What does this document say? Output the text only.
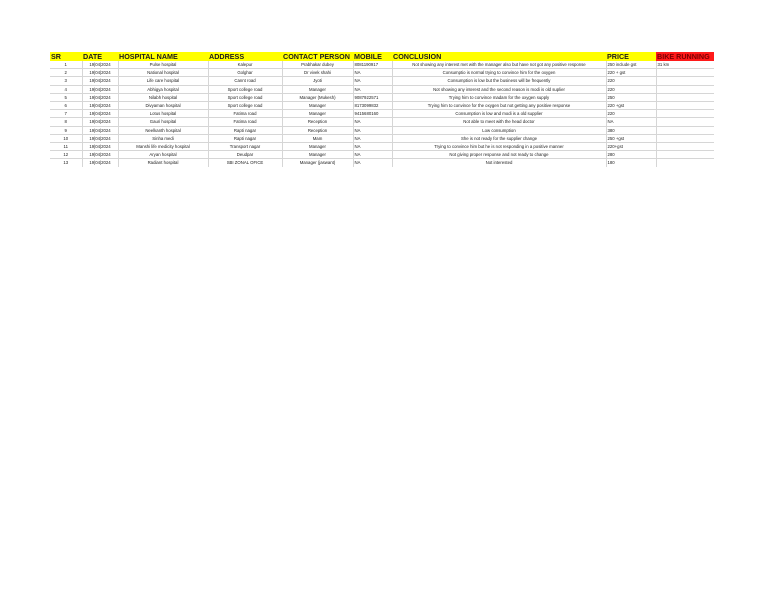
SR	DATE	HOSPITAL NAME	ADDRESS	CONTACT PERSON	MOBILE	CONCLUSION	PRICE	BIKE RUNNING
1	19|04|2024	Pulse hospital	Kalepur	Prabhakar dubey	8081190917	Not showing any interest met with the manager also but have not got any positive response	250 include gst	31 km
2	19|04|2024	National hospital	Golghar	Dr vivek shahi	NA	Consumptio is normal trying to convince him for the oxygen	220 + gst	
3	19|04|2024	Life care hospital	Cannt road	Jyoti	NA	Consumption is low but the business will be frequently	220	
4	19|04|2024	Abhigya hospital	Sport college road	Manager	NA	Not showing any interest and the second reason is modi is old suplier	220	
5	19|04|2024	Nilabh hospital	Sport college road	Manager (Mukesh)	9087922571	Trying him to convince madam for the oxygen supply	250	
6	19|04|2024	Divyaman hospital	Sport college road	Manager	8173099832	Trying him to convince for the oxygen but not getting any positive response	220 +gst	
7	19|04|2024	Lotus hospital	Fatima road	Manager	9415680160	Consumption is low and modi is a old supplier	220	
8	19|04|2024	Gauri hospital	Fatima road	Reception	NA	Not able to meet with the head doctor	NA	
9	19|04|2024	Neelkanth hospital	Rapti nagar	Reception	NA	Low consumption	380	
10	19|04|2024	Sinha medi	Rapti nagar	Mam	NA	She is not ready for the supplier change	250 +gst	
11	19|04|2024	Manshi life medicity hospital	Transport nagar	Manager	NA	Trying to convince him but he is not responding in a positive manner	220+gst	
12	19|04|2024	Aryan hospital	Deudpar	Manager	NA	Not giving proper response and not ready to change	280	
13	19|04|2024	Radiant hospital	SBI ZONAL OFICE	Manager (jaswant)	NA	Not interested	180	
